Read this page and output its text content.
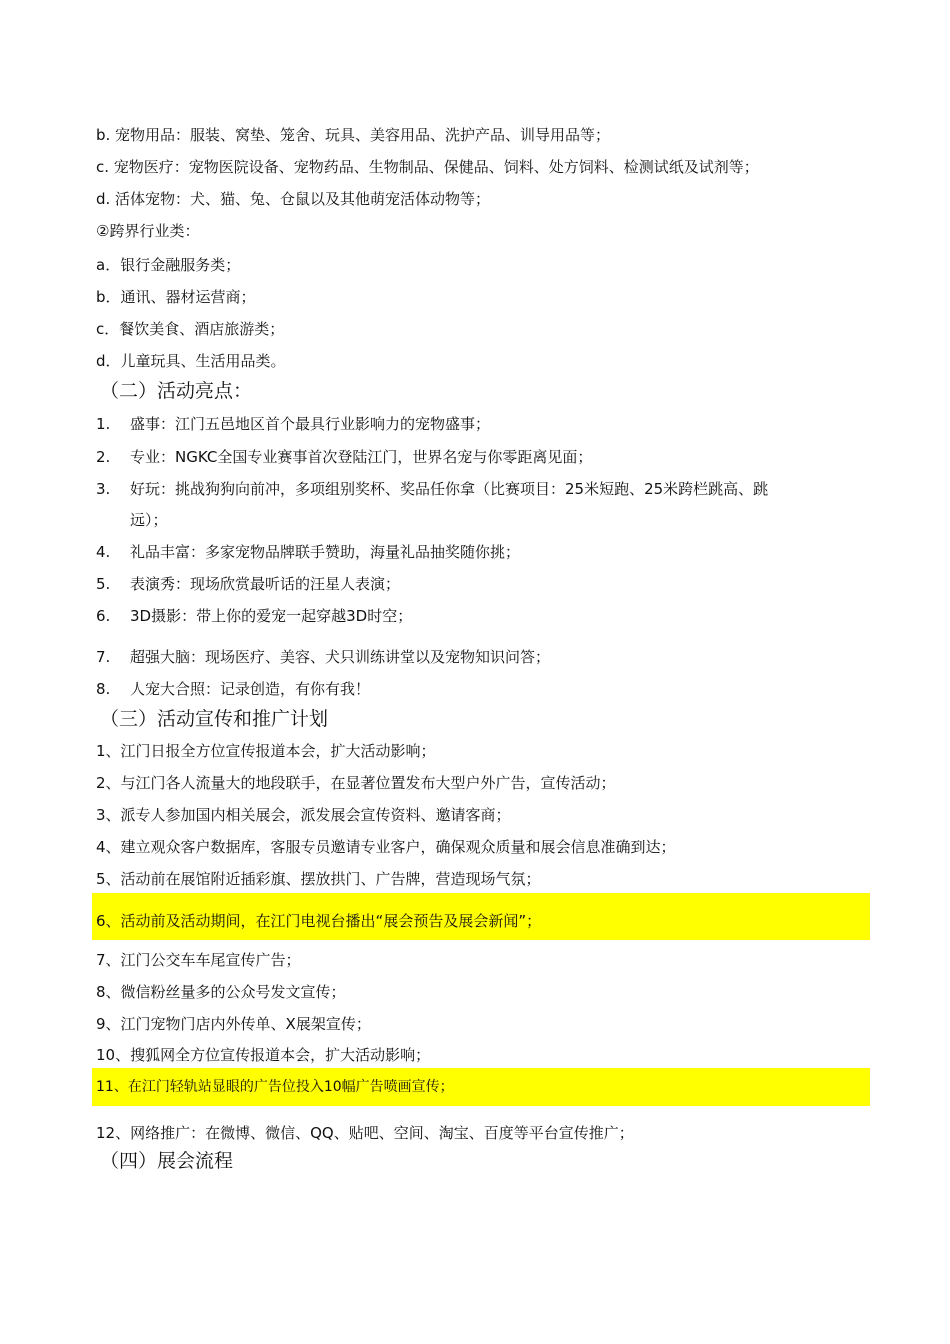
b. 宠物用品：服装、窝垫、笼舍、玩具、美容用品、洗护产品、训导用品等；
c. 宠物医疗：宠物医院设备、宠物药品、生物制品、保健品、饲料、处方饲料、检测试纸及试剂等；
d. 活体宠物：犬、猫、兔、仓鼠以及其他萌宠活体动物等；
②跨界行业类：
a．银行金融服务类；
b．通讯、器材运营商；
c．餐饮美食、酒店旅游类；
d．儿童玩具、生活用品类。
（二）活动亮点：
1. 盛事：江门五邑地区首个最具行业影响力的宠物盛事；
2. 专业：NGKC全国专业赛事首次登陆江门，世界名宠与你零距离见面；
3. 好玩：挑战狗狗向前冲，多项组别奖杯、奖品任你拿（比赛项目：25米短跑、25米跨栏跳高、跳
远）；
4. 礼品丰富：多家宠物品牌联手赞助，海量礼品抽奖随你挑；
5. 表演秀：现场欣赏最听话的汪星人表演；
6. 3D摄影：带上你的爱宠一起穿越3D时空；
7. 超强大脑：现场医疗、美容、犬只训练讲堂以及宠物知识问答；
8. 人宠大合照：记录创造，有你有我！
（三）活动宣传和推广计划
1、江门日报全方位宣传报道本会，扩大活动影响；
2、与江门各人流量大的地段联手，在显著位置发布大型户外广告，宣传活动；
3、派专人参加国内相关展会，派发展会宣传资料、邀请客商；
4、建立观众客户数据库，客服专员邀请专业客户，确保观众质量和展会信息准确到达；
5、活动前在展馆附近插彩旗、摆放拱门、广告牌，营造现场气氛；
6、活动前及活动期间，在江门电视台播出“展会预告及展会新闻”；
7、江门公交车车尾宣传广告；
8、微信粉丝量多的公众号发文宣传；
9、江门宠物门店内外传单、X展架宣传；
10、搜狐网全方位宣传报道本会，扩大活动影响；
11、在江门轻轨站显眼的广告位投入10幅广告喷画宣传；
12、网络推广：在微博、微信、QQ、贴吧、空间、淘宝、百度等平台宣传推广；
（四）展会流程
